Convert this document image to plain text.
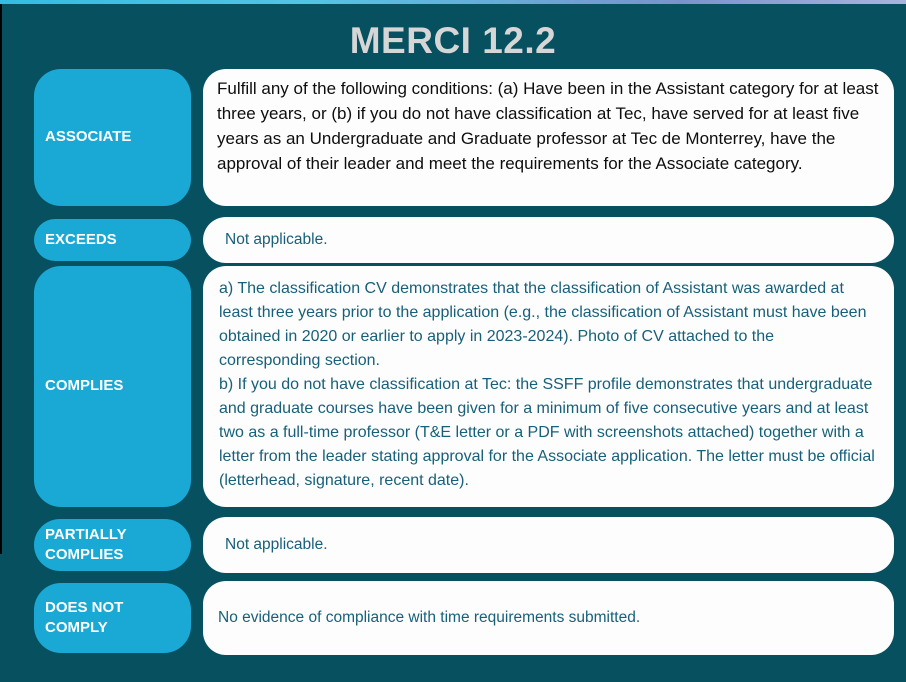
MERCI 12.2
ASSOCIATE
Fulfill any of the following conditions: (a) Have been in the Assistant category for at least three years, or (b) if you do not have classification at Tec, have served for at least five years as an Undergraduate and Graduate professor at Tec de Monterrey, have the approval of their leader and meet the requirements for the Associate category.
EXCEEDS	Not applicable.
COMPLIES

a) The classification CV demonstrates that the classification of Assistant was awarded at least three years prior to the application (e.g., the classification of Assistant must have been obtained in 2020 or earlier to apply in 2023-2024). Photo of CV attached to the corresponding section.

b) If you do not have classification at Tec: the SSFF profile demonstrates that undergraduate and graduate courses have been given for a minimum of five consecutive years and at least two as a full-time professor (T&E letter or a PDF with screenshots attached) together with a letter from the leader stating approval for the Associate application. The letter must be official (letterhead, signature, recent date).

PARTIALLY COMPLIES
Not applicable.
DOES NOT COMPLY
No evidence of compliance with time requirements submitted.
